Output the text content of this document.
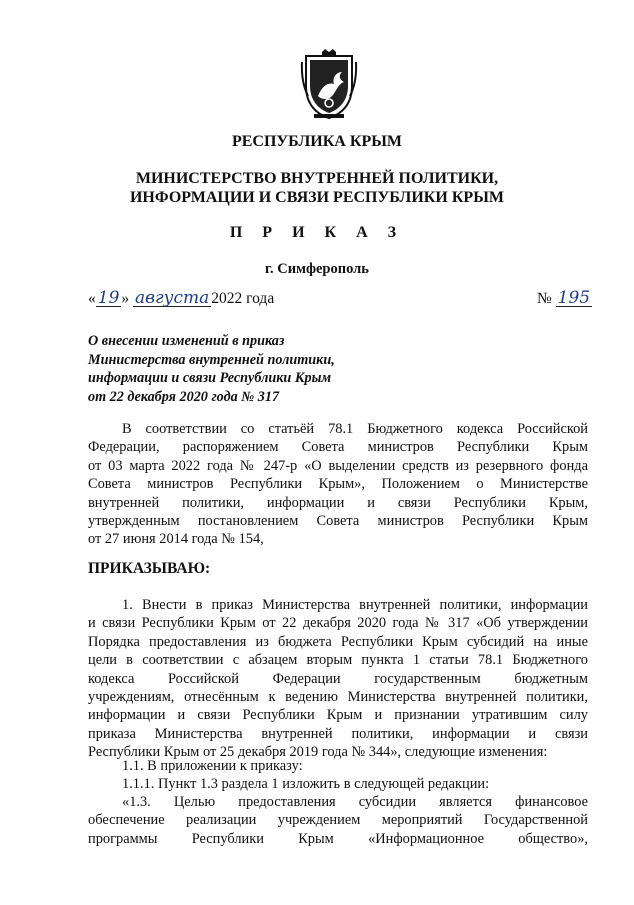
РЕСПУБЛИКА КРЫМ
МИНИСТЕРСТВО ВНУТРЕННЕЙ ПОЛИТИКИ,
ИНФОРМАЦИИ И СВЯЗИ РЕСПУБЛИКИ КРЫМ
П Р И К А З
г. Симферополь
« 19 » августа 2022 года	№ 195
О внесении изменений в приказ
Министерства внутренней политики,
информации и связи Республики Крым
от 22 декабря 2020 года № 317
В соответствии со статьёй 78.1 Бюджетного кодекса Российской
Федерации, распоряжением Совета министров Республики Крым
от 03 марта 2022 года № 247-р «О выделении средств из резервного фонда
Совета министров Республики Крым», Положением о Министерстве
внутренней политики, информации и связи Республики Крым,
утвержденным постановлением Совета министров Республики Крым
от 27 июня 2014 года № 154,
ПРИКАЗЫВАЮ:
1. Внести в приказ Министерства внутренней политики, информации
и связи Республики Крым от 22 декабря 2020 года № 317 «Об утверждении
Порядка предоставления из бюджета Республики Крым субсидий на иные
цели в соответствии с абзацем вторым пункта 1 статьи 78.1 Бюджетного
кодекса Российской Федерации государственным бюджетным
учреждениям, отнесённым к ведению Министерства внутренней политики,
информации и связи Республики Крым и признании утратившим силу
приказа Министерства внутренней политики, информации и связи
Республики Крым от 25 декабря 2019 года № 344», следующие изменения:
1.1. В приложении к приказу:
1.1.1. Пункт 1.3 раздела 1 изложить в следующей редакции:
«1.3. Целью предоставления субсидии является финансовое
обеспечение реализации учреждением мероприятий Государственной
программы Республики Крым «Информационное общество»,
